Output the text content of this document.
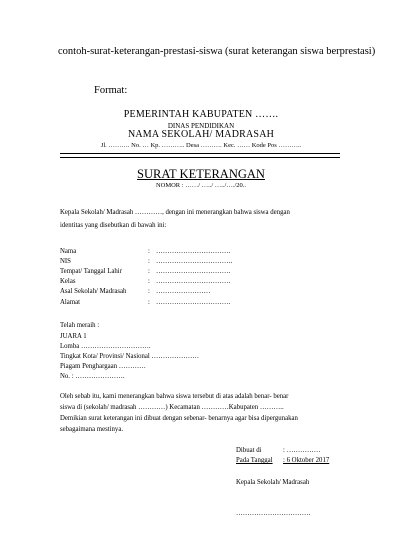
contoh-surat-keterangan-prestasi-siswa (surat keterangan siswa berprestasi)
Format:
PEMERINTAH KABUPATEN …….
DINAS PENDIDIKAN
NAMA SEKOLAH/ MADRASAH
Jl. ………. No. … Kp. ……….. Desa ………. Kec. …… Kode Pos ………..
SURAT KETERANGAN
NOMOR : ……/ …../ …../…./20..
Kepala Sekolah/ Madrasah …………, dengan ini menerangkan bahwa siswa dengan
identitas yang disebutkan di bawah ini:
Nama	: ……………………………
NIS	: …………………………….
Tempat/ Tanggal Lahir	: ……………………………
Kelas	: ……………………………
Asal Sekolah/ Madrasah	: ……………………
Alamat	: ……………………………
Telah meraih :
JUARA 1
Lomba ………………………….
Tingkat Kota/ Provinsi/ Nasional …………………
Piagam Penghargaan …………
No. : ………………….
Oleh sebab itu, kami menerangkan bahwa siswa tersebut di atas adalah benar- benar
siswa di (sekolah/ madrasah …………) Kecamatan …………Kabupaten ………..
Demikian surat keterangan ini dibuat dengan sebenar- benarnya agar bisa dipergunakan
sebagaimana mestinya.
Dibuat di	: ……………
Pada Tanggal : 6 Oktober 2017
Kepala Sekolah/ Madrasah
……………………………
